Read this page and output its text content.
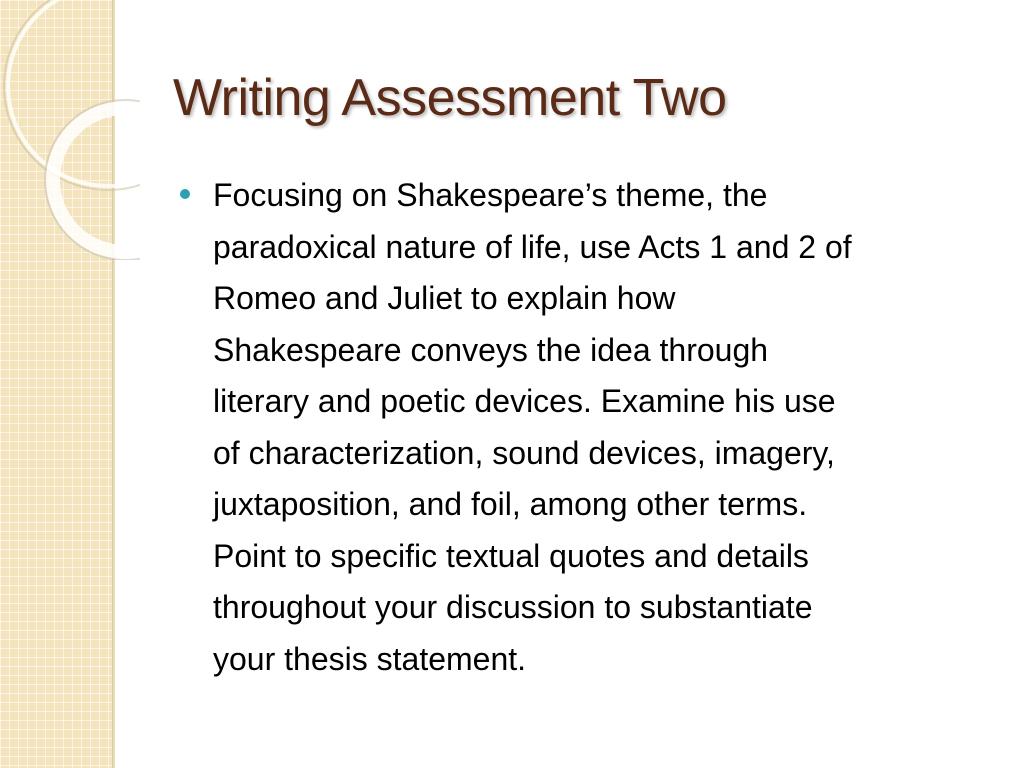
Writing Assessment Two
Focusing on Shakespeare’s theme, the
paradoxical nature of life, use Acts 1 and 2 of
Romeo and Juliet to explain how
Shakespeare conveys the idea through
literary and poetic devices. Examine his use
of characterization, sound devices, imagery,
juxtaposition, and foil, among other terms.
Point to specific textual quotes and details
throughout your discussion to substantiate
your thesis statement.
